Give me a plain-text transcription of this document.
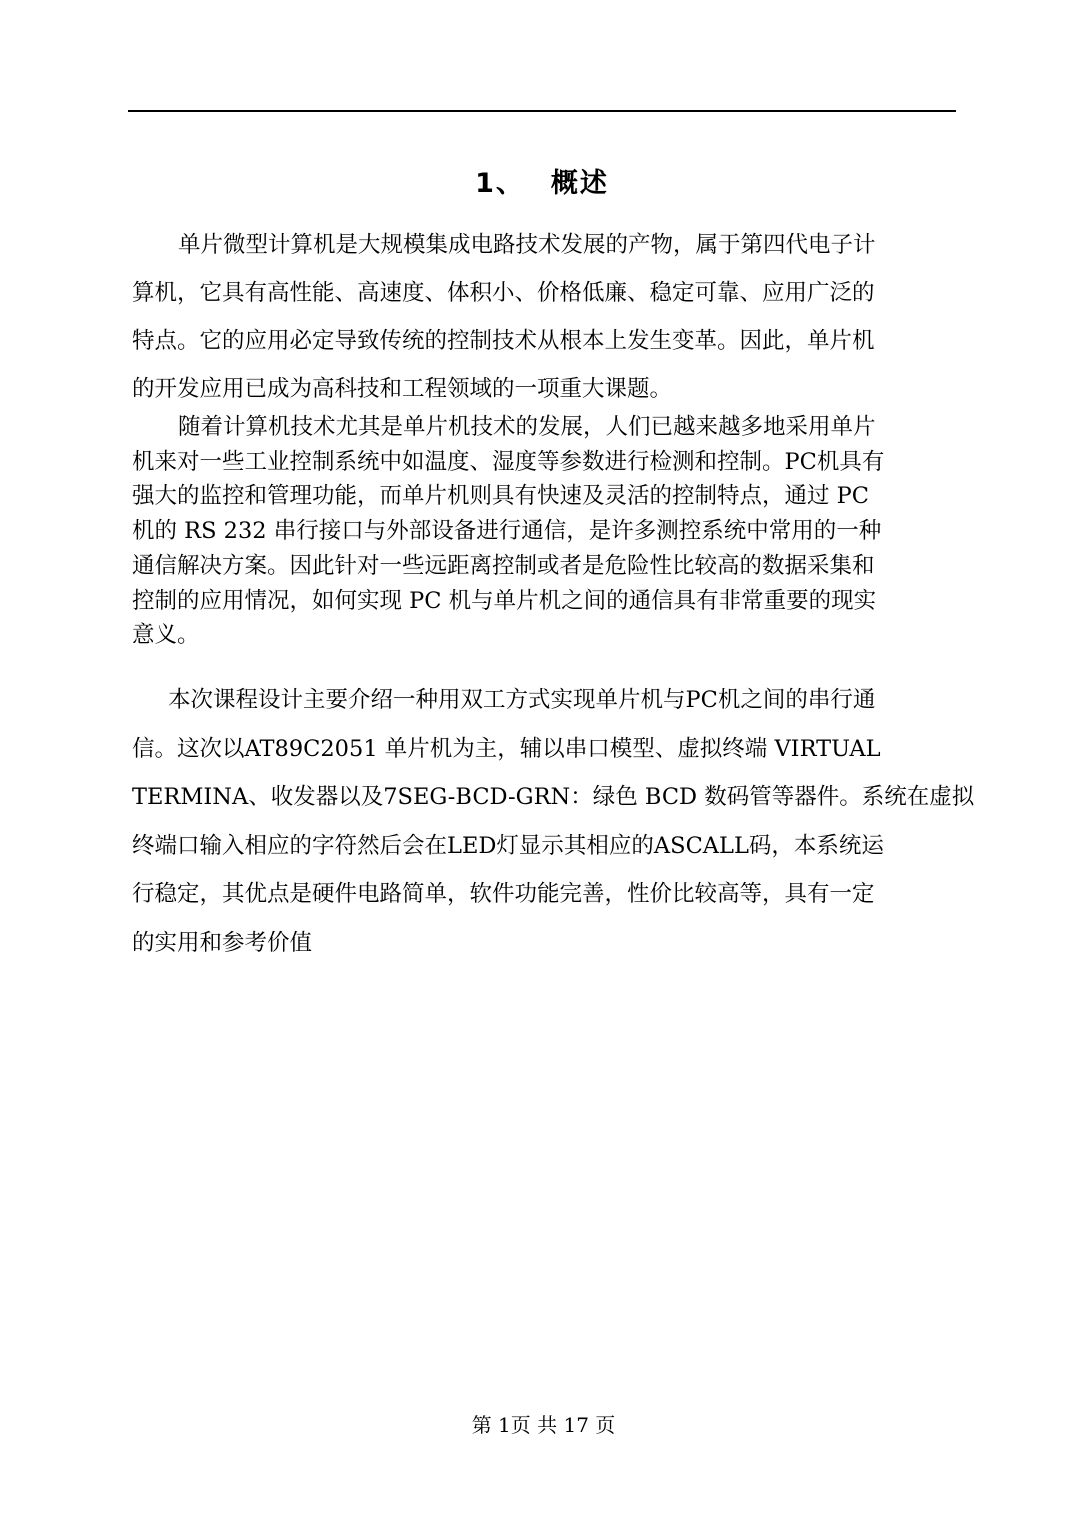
1、 概述
单片微型计算机是大规模集成电路技术发展的产物，属于第四代电子计
算机，它具有高性能、高速度、体积小、价格低廉、稳定可靠、应用广泛的
特点。它的应用必定导致传统的控制技术从根本上发生变革。因此，单片机
的开发应用已成为高科技和工程领域的一项重大课题。
随着计算机技术尤其是单片机技术的发展，人们已越来越多地采用单片
机来对一些工业控制系统中如温度、湿度等参数进行检测和控制。PC机具有
强大的监控和管理功能，而单片机则具有快速及灵活的控制特点，通过 PC
机的 RS 232 串行接口与外部设备进行通信，是许多测控系统中常用的一种
通信解决方案。因此针对一些远距离控制或者是危险性比较高的数据采集和
控制的应用情况，如何实现 PC 机与单片机之间的通信具有非常重要的现实
意义。
本次课程设计主要介绍一种用双工方式实现单片机与PC机之间的串行通
信。这次以AT89C2051 单片机为主，辅以串口模型、虚拟终端 VIRTUAL
TERMINA、收发器以及7SEG-BCD-GRN：绿色 BCD 数码管等器件。系统在虚拟
终端口输入相应的字符然后会在LED灯显示其相应的ASCALL码，本系统运
行稳定，其优点是硬件电路简单，软件功能完善，性价比较高等，具有一定
的实用和参考价值
第 1页 共 17 页
